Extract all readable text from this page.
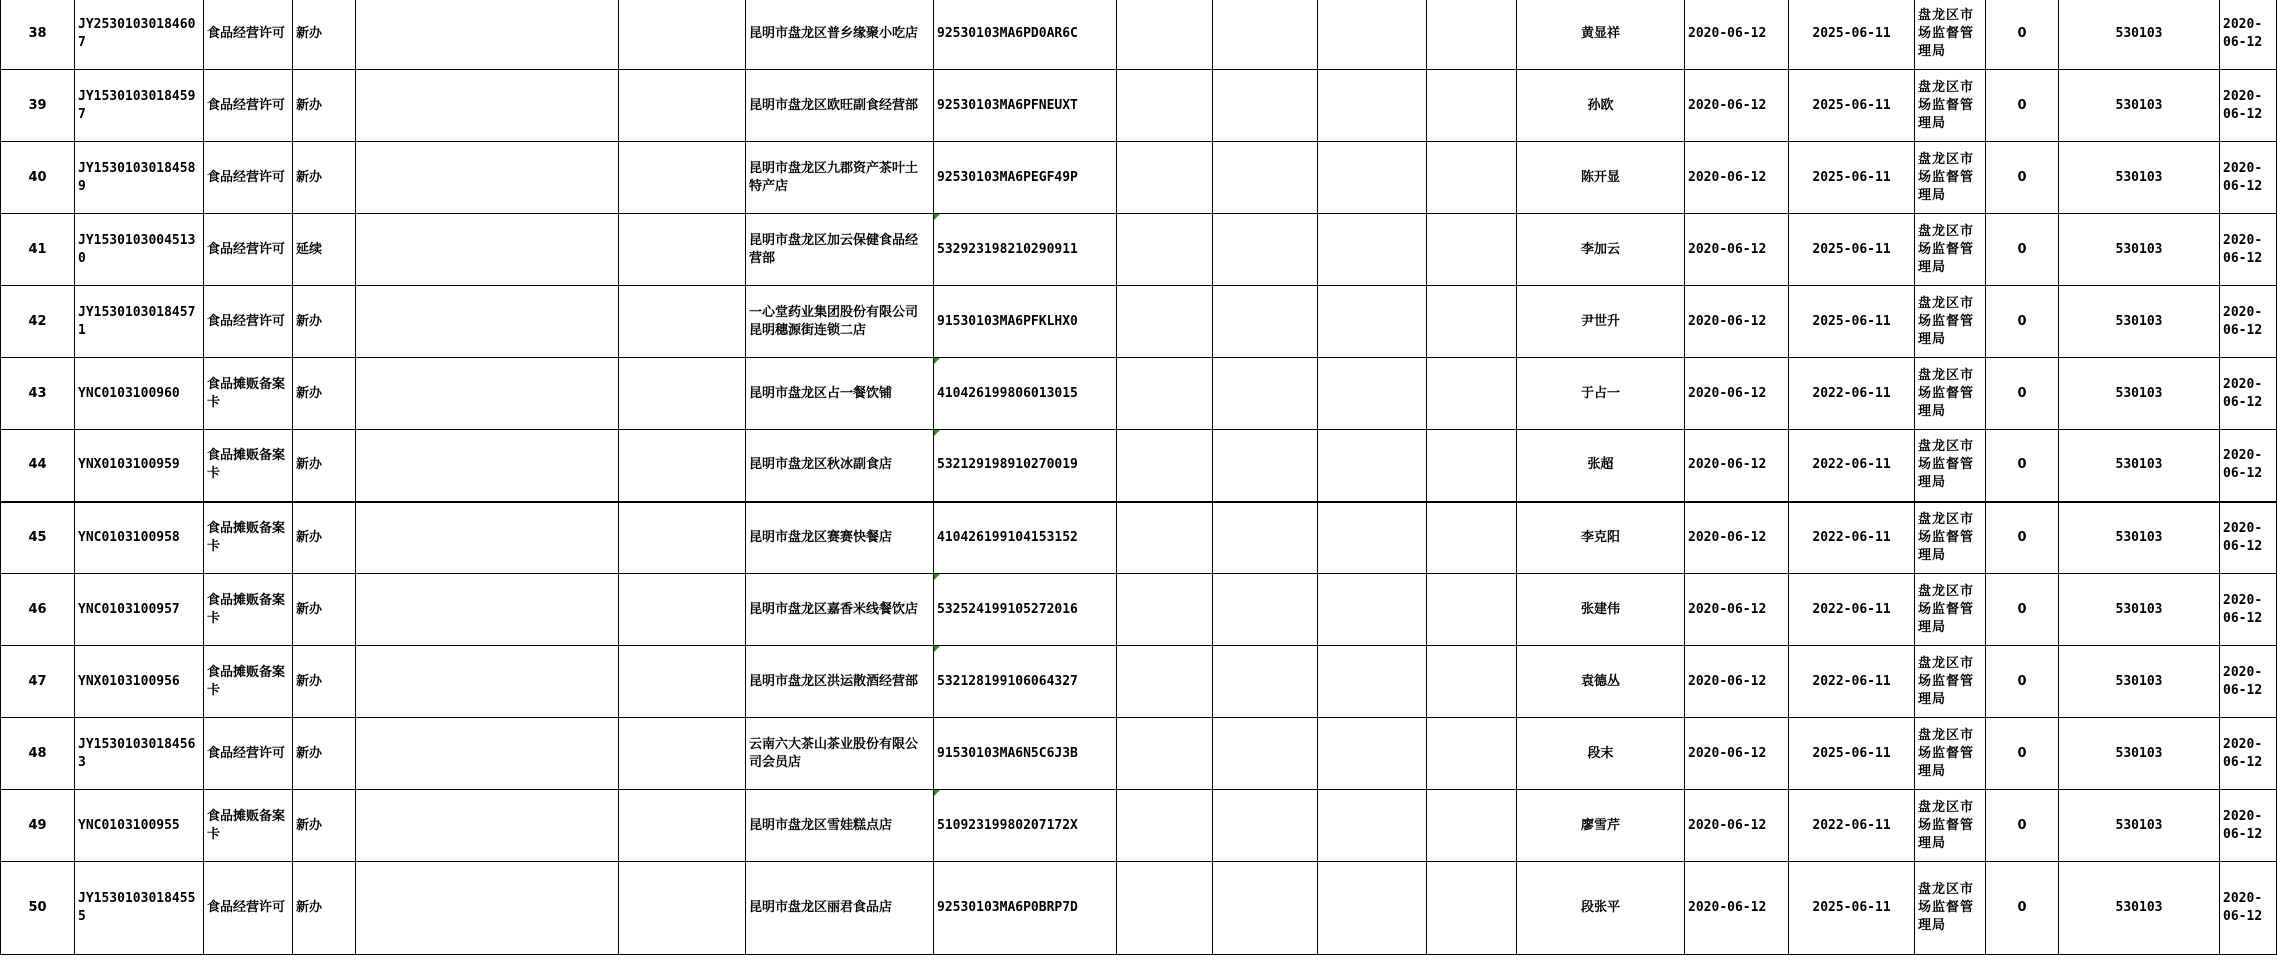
38	JY25301030184607	食品经营许可	新办			昆明市盘龙区普乡缘聚小吃店	92530103MA6PD0AR6C					黄显祥	2020-06-12	2025-06-11	盘龙区市场监督管理局	0	530103	2020-06-12	
39	JY15301030184597	食品经营许可	新办			昆明市盘龙区欧旺副食经营部	92530103MA6PFNEUXT					孙欧	2020-06-12	2025-06-11	盘龙区市场监督管理局	0	530103	2020-06-12	
40	JY15301030184589	食品经营许可	新办			昆明市盘龙区九郡资产茶叶土特产店	92530103MA6PEGF49P					陈开显	2020-06-12	2025-06-11	盘龙区市场监督管理局	0	530103	2020-06-12	
41	JY15301030045130	食品经营许可	延续			昆明市盘龙区加云保健食品经营部	532923198210290911					李加云	2020-06-12	2025-06-11	盘龙区市场监督管理局	0	530103	2020-06-12	
42	JY15301030184571	食品经营许可	新办			一心堂药业集团股份有限公司昆明穗源街连锁二店	91530103MA6PFKLHX0					尹世升	2020-06-12	2025-06-11	盘龙区市场监督管理局	0	530103	2020-06-12	
43	YNC0103100960	食品摊贩备案卡	新办			昆明市盘龙区占一餐饮铺	410426199806013015					于占一	2020-06-12	2022-06-11	盘龙区市场监督管理局	0	530103	2020-06-12	
44	YNX0103100959	食品摊贩备案卡	新办			昆明市盘龙区秋冰副食店	532129198910270019					张超	2020-06-12	2022-06-11	盘龙区市场监督管理局	0	530103	2020-06-12	
45	YNC0103100958	食品摊贩备案卡	新办			昆明市盘龙区赛赛快餐店	410426199104153152					李克阳	2020-06-12	2022-06-11	盘龙区市场监督管理局	0	530103	2020-06-12	
46	YNC0103100957	食品摊贩备案卡	新办			昆明市盘龙区嘉香米线餐饮店	532524199105272016					张建伟	2020-06-12	2022-06-11	盘龙区市场监督管理局	0	530103	2020-06-12	
47	YNX0103100956	食品摊贩备案卡	新办			昆明市盘龙区洪运散酒经营部	532128199106064327					袁德丛	2020-06-12	2022-06-11	盘龙区市场监督管理局	0	530103	2020-06-12	
48	JY15301030184563	食品经营许可	新办			云南六大茶山茶业股份有限公司会员店	91530103MA6N5C6J3B					段末	2020-06-12	2025-06-11	盘龙区市场监督管理局	0	530103	2020-06-12	
49	YNC0103100955	食品摊贩备案卡	新办			昆明市盘龙区雪娃糕点店	51092319980207172X					廖雪芹	2020-06-12	2022-06-11	盘龙区市场监督管理局	0	530103	2020-06-12	
50	JY15301030184555	食品经营许可	新办			昆明市盘龙区丽君食品店	92530103MA6P0BRP7D					段张平	2020-06-12	2025-06-11	盘龙区市场监督管理局	0	530103	2020-06-12	
